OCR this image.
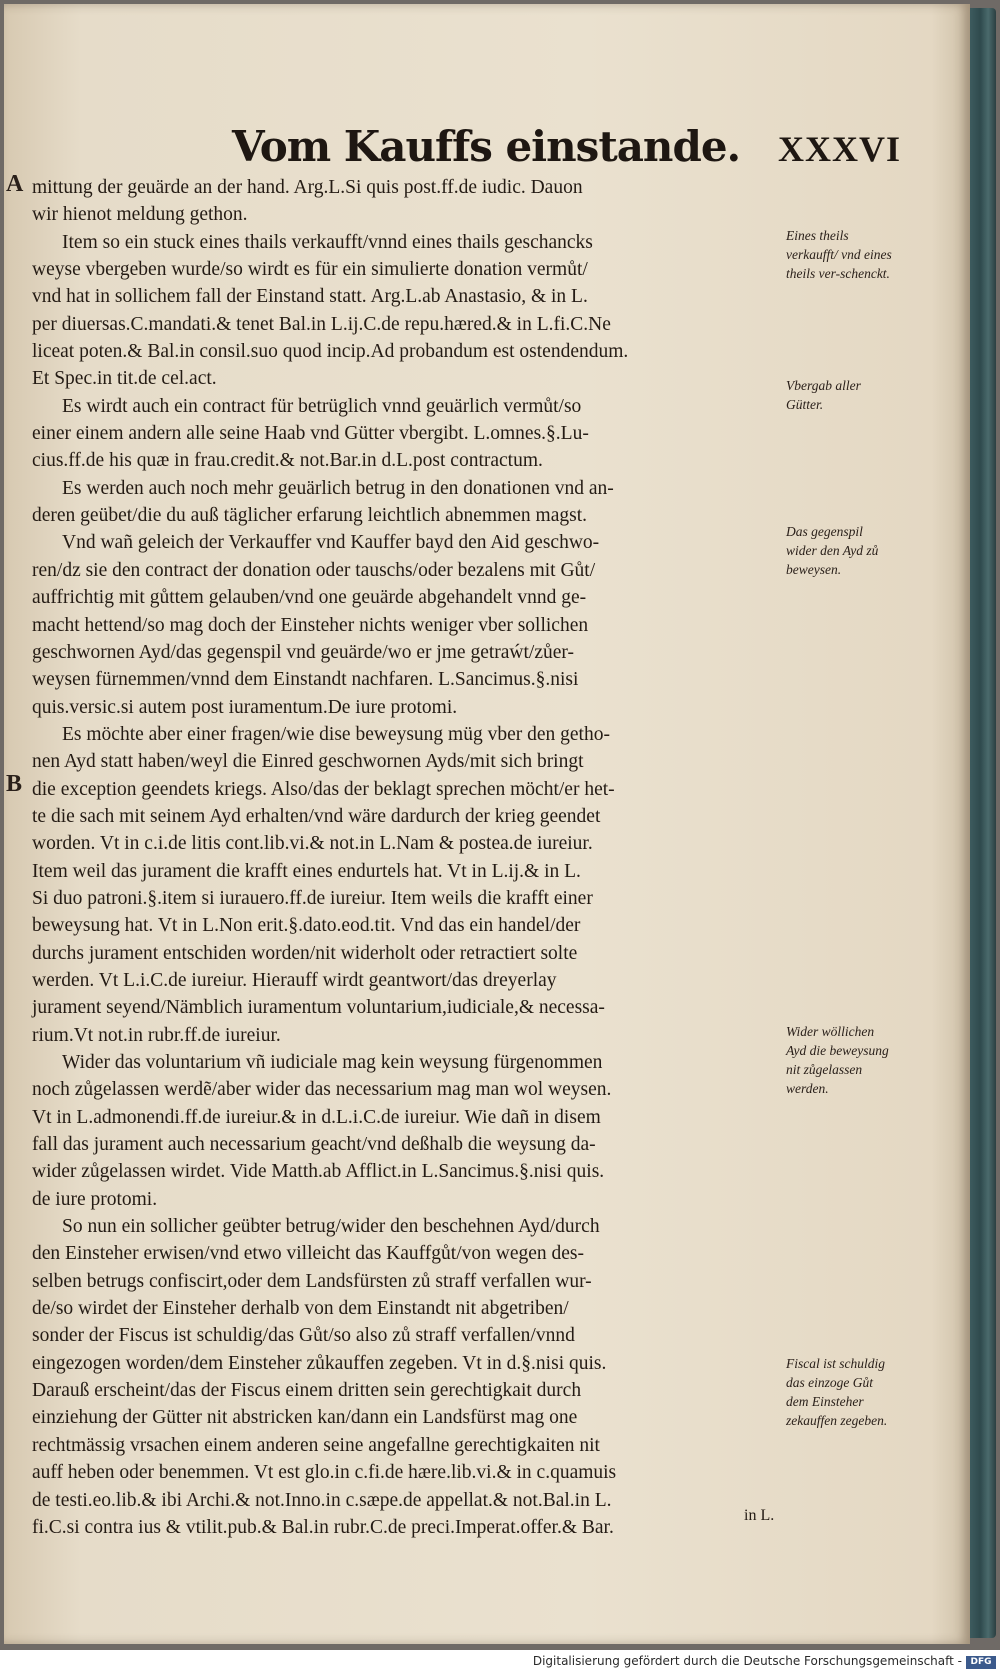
Vom Kauffs einstande. XXXVI
A
B
mittung der geuärde an der hand. Arg.L.Si quis post.ff.de iudic. Dauon
wir hienot meldung gethon.
Item so ein stuck eines thails verkaufft/vnnd eines thails geschancks
weyse vbergeben wurde/so wirdt es für ein simulierte donation vermůt/
vnd hat in sollichem fall der Einstand statt. Arg.L.ab Anastasio, & in L.
per diuersas.C.mandati.& tenet Bal.in L.ij.C.de repu.hæred.& in L.fi.C.Ne
liceat poten.& Bal.in consil.suo quod incip.Ad probandum est ostendendum.
Et Spec.in tit.de cel.act.
Es wirdt auch ein contract für betrüglich vnnd geuärlich vermůt/so
einer einem andern alle seine Haab vnd Gütter vbergibt. L.omnes.§.Lu-
cius.ff.de his quæ in frau.credit.& not.Bar.in d.L.post contractum.
Es werden auch noch mehr geuärlich betrug in den donationen vnd an-
deren geübet/die du auß täglicher erfarung leichtlich abnemmen magst.
Vnd wañ geleich der Verkauffer vnd Kauffer bayd den Aid geschwo-
ren/dz sie den contract der donation oder tauschs/oder bezalens mit Gůt/
auffrichtig mit gůttem gelauben/vnd one geuärde abgehandelt vnnd ge-
macht hettend/so mag doch der Einsteher nichts weniger vber sollichen
geschwornen Ayd/das gegenspil vnd geuärde/wo er jme getraẃt/zůer-
weysen fürnemmen/vnnd dem Einstandt nachfaren. L.Sancimus.§.nisi
quis.versic.si autem post iuramentum.De iure protomi.
Es möchte aber einer fragen/wie dise beweysung müg vber den getho-
nen Ayd statt haben/weyl die Einred geschwornen Ayds/mit sich bringt
die exception geendets kriegs. Also/das der beklagt sprechen möcht/er het-
te die sach mit seinem Ayd erhalten/vnd wäre dardurch der krieg geendet
worden. Vt in c.i.de litis cont.lib.vi.& not.in L.Nam & postea.de iureiur.
Item weil das jurament die krafft eines endurtels hat. Vt in L.ij.& in L.
Si duo patroni.§.item si iurauero.ff.de iureiur. Item weils die krafft einer
beweysung hat. Vt in L.Non erit.§.dato.eod.tit. Vnd das ein handel/der
durchs jurament entschiden worden/nit widerholt oder retractiert solte
werden. Vt L.i.C.de iureiur. Hierauff wirdt geantwort/das dreyerlay
jurament seyend/Nämblich iuramentum voluntarium,iudiciale,& necessa-
rium.Vt not.in rubr.ff.de iureiur.
Wider das voluntarium vñ iudiciale mag kein weysung fürgenommen
noch zůgelassen werdẽ/aber wider das necessarium mag man wol weysen.
Vt in L.admonendi.ff.de iureiur.& in d.L.i.C.de iureiur. Wie dañ in disem
fall das jurament auch necessarium geacht/vnd deßhalb die weysung da-
wider zůgelassen wirdet. Vide Matth.ab Afflict.in L.Sancimus.§.nisi quis.
de iure protomi.
So nun ein sollicher geübter betrug/wider den beschehnen Ayd/durch
den Einsteher erwisen/vnd etwo villeicht das Kauffgůt/von wegen des-
selben betrugs confiscirt,oder dem Landsfürsten zů straff verfallen wur-
de/so wirdet der Einsteher derhalb von dem Einstandt nit abgetriben/
sonder der Fiscus ist schuldig/das Gůt/so also zů straff verfallen/vnnd
eingezogen worden/dem Einsteher zůkauffen zegeben. Vt in d.§.nisi quis.
Darauß erscheint/das der Fiscus einem dritten sein gerechtigkait durch
einziehung der Gütter nit abstricken kan/dann ein Landsfürst mag one
rechtmässig vrsachen einem anderen seine angefallne gerechtigkaiten nit
auff heben oder benemmen. Vt est glo.in c.fi.de hære.lib.vi.& in c.quamuis
de testi.eo.lib.& ibi Archi.& not.Inno.in c.sæpe.de appellat.& not.Bal.in L.
fi.C.si contra ius & vtilit.pub.& Bal.in rubr.C.de preci.Imperat.offer.& Bar.
in L.
Eines theils verkaufft/ vnd eines theils ver-schenckt.
Vbergab aller Gütter.
Das gegenspil wider den Ayd zů beweysen.
Wider wöllichen Ayd die beweysung nit zůgelassen werden.
Fiscal ist schuldig das einzoge Gůt dem Einsteher zekauffen zegeben.
Digitalisierung gefördert durch die Deutsche Forschungsgemeinschaft - DFG
